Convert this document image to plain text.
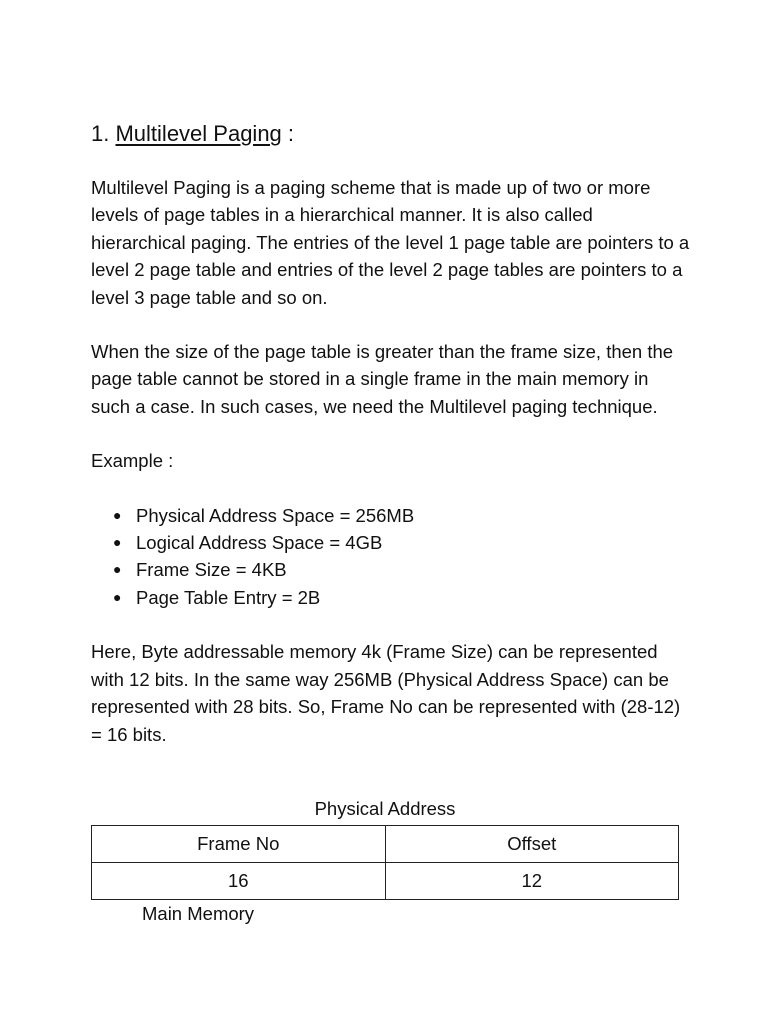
1. Multilevel Paging :

Multilevel Paging is a paging scheme that is made up of two or more levels of page tables in a hierarchical manner. It is also called hierarchical paging. The entries of the level 1 page table are pointers to a level 2 page table and entries of the level 2 page tables are pointers to a level 3 page table and so on.

When the size of the page table is greater than the frame size, then the page table cannot be stored in a single frame in the main memory in such a case. In such cases, we need the Multilevel paging technique.

Example :

● Physical Address Space = 256MB
● Logical Address Space = 4GB
● Frame Size = 4KB
● Page Table Entry = 2B

Here, Byte addressable memory 4k (Frame Size) can be represented with 12 bits. In the same way 256MB (Physical Address Space) can be represented with 28 bits. So, Frame No can be represented with (28-12) = 16 bits.

Physical Address
Frame No	Offset
16	12
Main Memory
